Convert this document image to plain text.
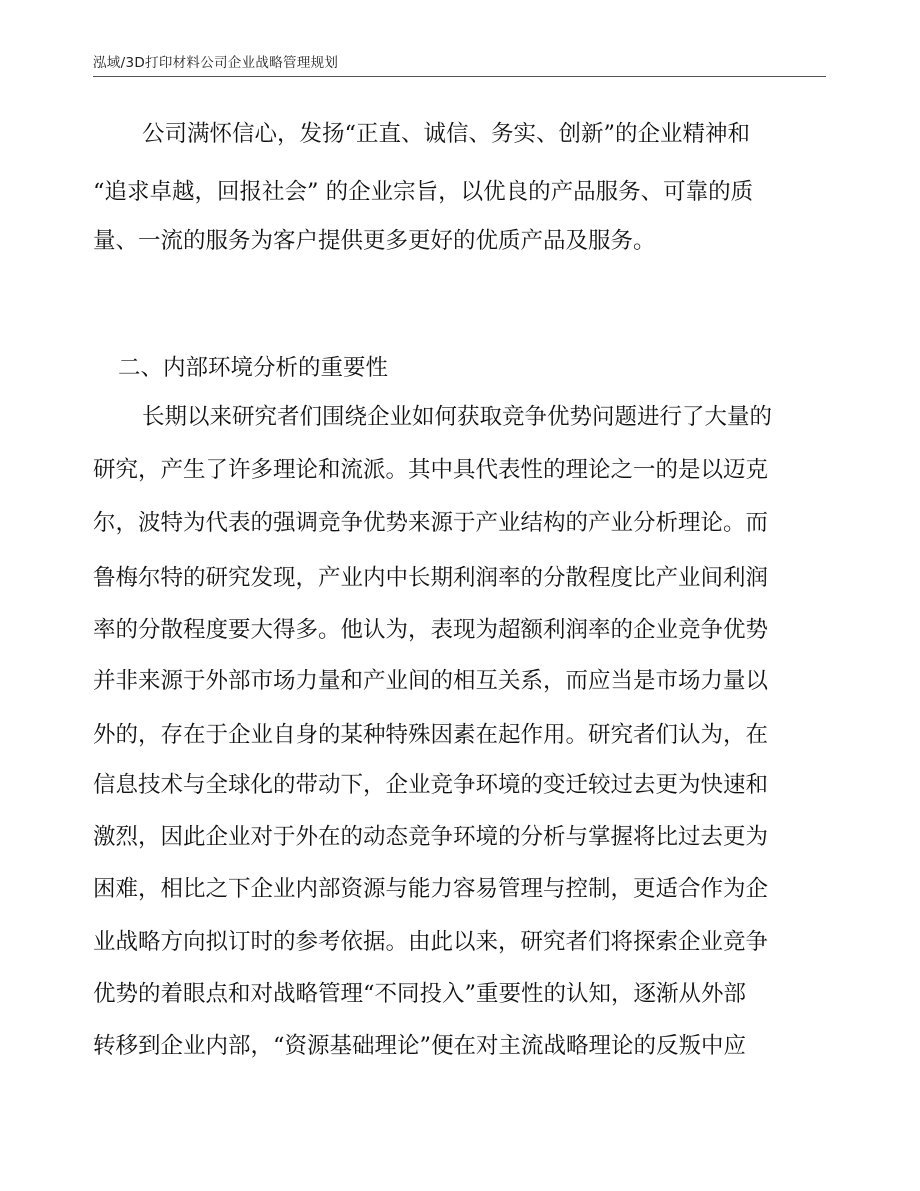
泓域/3D打印材料公司企业战略管理规划
公司满怀信心，发扬“正直、诚信、务实、创新”的企业精神和
“追求卓越，回报社会” 的企业宗旨，以优良的产品服务、可靠的质
量、一流的服务为客户提供更多更好的优质产品及服务。
二、内部环境分析的重要性
长期以来研究者们围绕企业如何获取竞争优势问题进行了大量的
研究，产生了许多理论和流派。其中具代表性的理论之一的是以迈克
尔，波特为代表的强调竞争优势来源于产业结构的产业分析理论。而
鲁梅尔特的研究发现，产业内中长期利润率的分散程度比产业间利润
率的分散程度要大得多。他认为，表现为超额利润率的企业竞争优势
并非来源于外部市场力量和产业间的相互关系，而应当是市场力量以
外的，存在于企业自身的某种特殊因素在起作用。研究者们认为，在
信息技术与全球化的带动下，企业竞争环境的变迁较过去更为快速和
激烈，因此企业对于外在的动态竞争环境的分析与掌握将比过去更为
困难，相比之下企业内部资源与能力容易管理与控制，更适合作为企
业战略方向拟订时的参考依据。由此以来，研究者们将探索企业竞争
优势的着眼点和对战略管理“不同投入”重要性的认知，逐渐从外部
转移到企业内部，“资源基础理论”便在对主流战略理论的反叛中应
